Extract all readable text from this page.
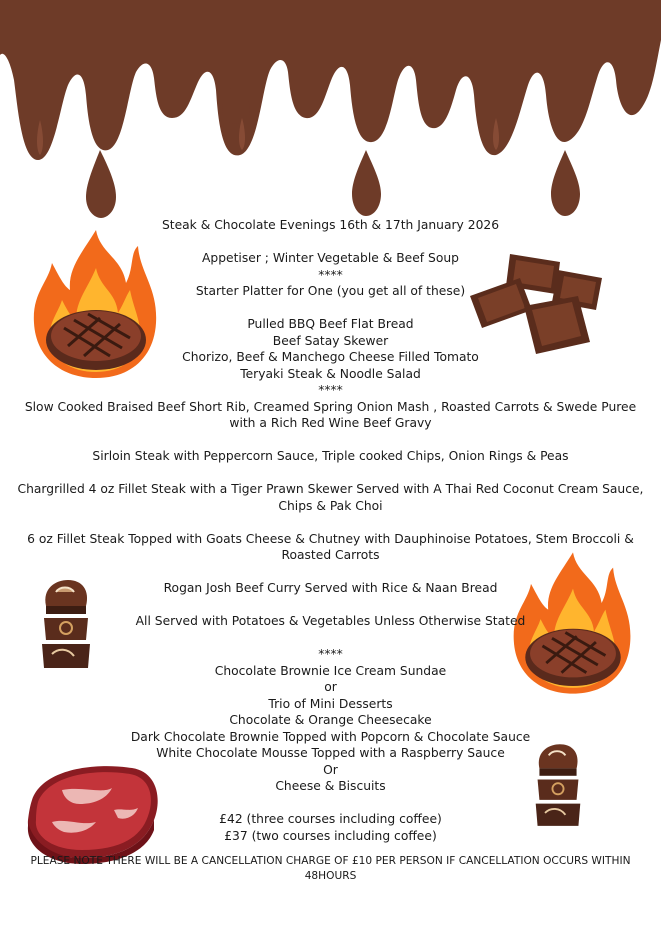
Steak & Chocolate Evenings 16th & 17th January 2026
Appetiser ; Winter Vegetable & Beef Soup
****
Starter Platter for One (you get all of these)
Pulled BBQ Beef Flat Bread
Beef Satay Skewer
Chorizo, Beef & Manchego Cheese Filled Tomato
Teryaki Steak & Noodle Salad
****
Slow Cooked Braised Beef Short Rib, Creamed Spring Onion Mash , Roasted Carrots & Swede Puree with a Rich Red Wine Beef Gravy
Sirloin Steak with Peppercorn Sauce, Triple cooked Chips, Onion Rings & Peas
Chargrilled 4 oz Fillet Steak with a Tiger Prawn Skewer Served with A Thai Red Coconut Cream Sauce, Chips & Pak Choi
6 oz Fillet Steak Topped with Goats Cheese & Chutney with Dauphinoise Potatoes, Stem Broccoli & Roasted Carrots
Rogan Josh Beef Curry Served with Rice & Naan Bread
All Served with Potatoes & Vegetables Unless Otherwise Stated
****
Chocolate Brownie Ice Cream Sundae
or
Trio of Mini Desserts
Chocolate & Orange Cheesecake
Dark Chocolate Brownie Topped with Popcorn & Chocolate Sauce
White Chocolate Mousse Topped with a Raspberry Sauce
Or
Cheese & Biscuits
£42 (three courses including coffee)
£37 (two courses including coffee)
PLEASE NOTE THERE WILL BE A CANCELLATION CHARGE OF £10 PER PERSON IF CANCELLATION OCCURS WITHIN 48HOURS
